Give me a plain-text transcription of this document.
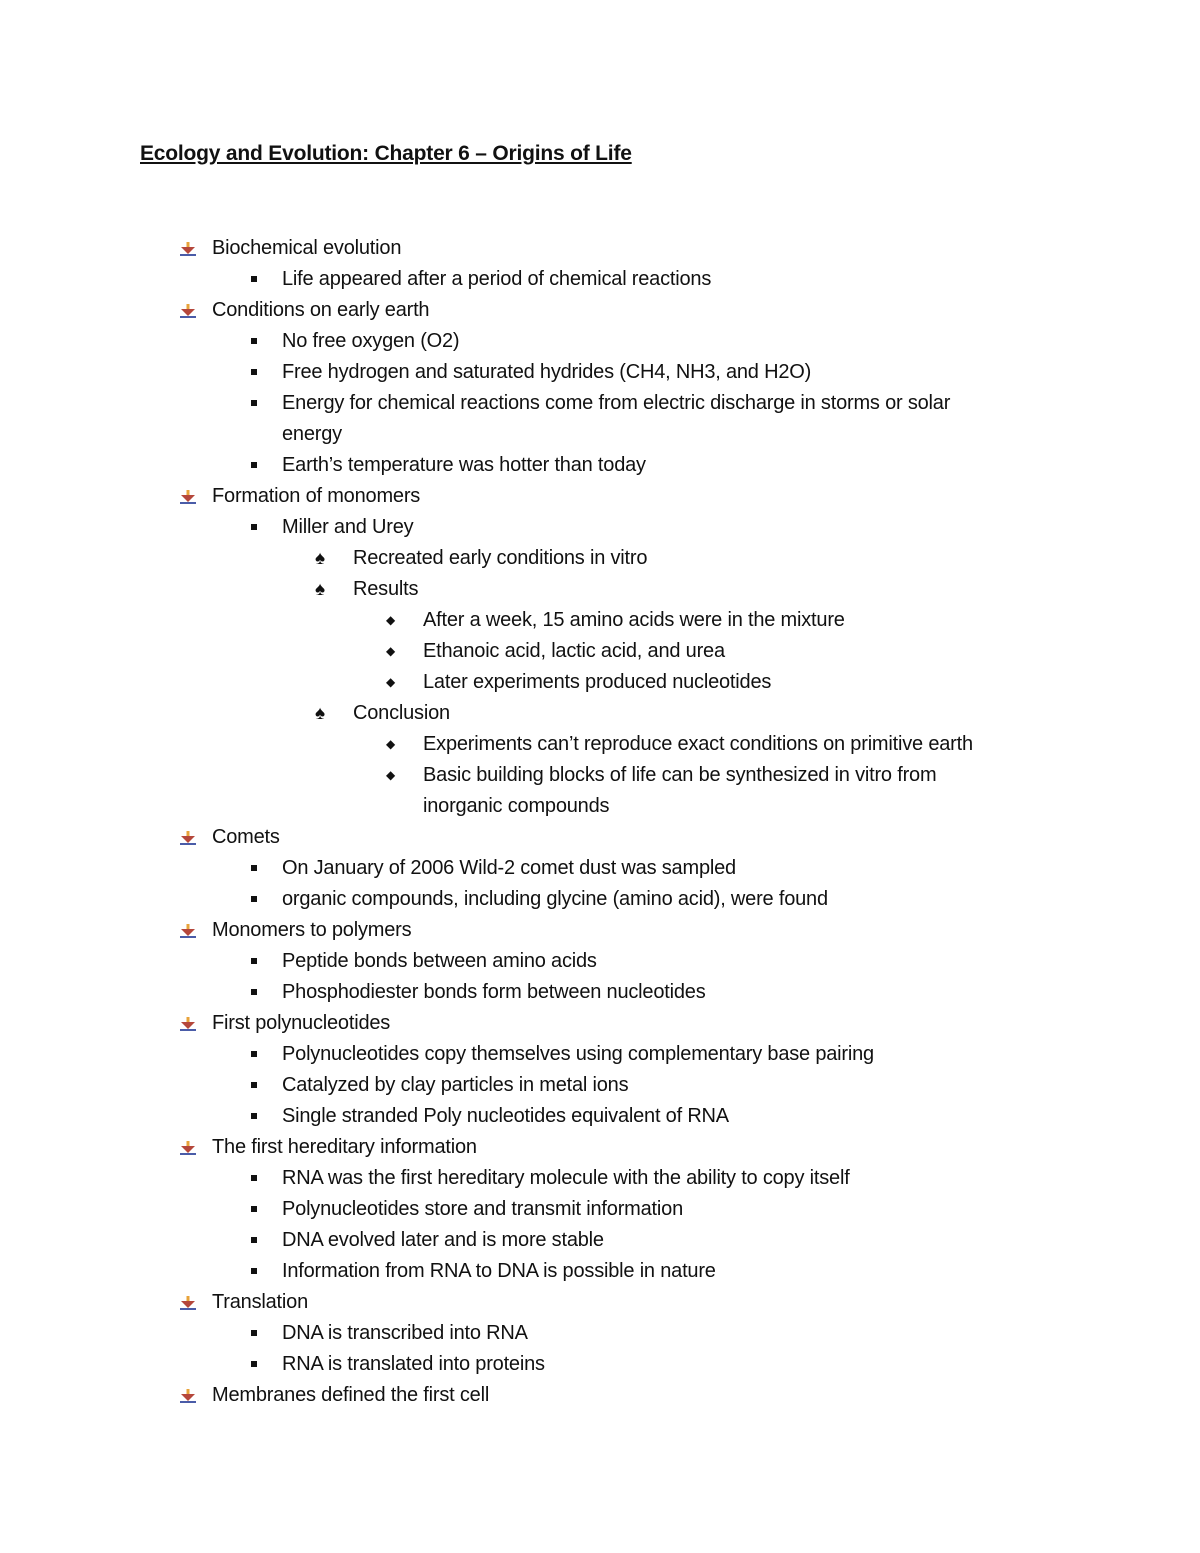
Ecology and Evolution: Chapter 6 – Origins of Life
Biochemical evolution
Life appeared after a period of chemical reactions
Conditions on early earth
No free oxygen (O2)
Free hydrogen and saturated hydrides (CH4, NH3, and H2O)
Energy for chemical reactions come from electric discharge in storms or solar
energy
Earth’s temperature was hotter than today
Formation of monomers
Miller and Urey
♠	Recreated early conditions in vitro
♠	Results
◆	After a week, 15 amino acids were in the mixture
◆	Ethanoic acid, lactic acid, and urea
◆	Later experiments produced nucleotides
♠	Conclusion
◆	Experiments can’t reproduce exact conditions on primitive earth
◆	Basic building blocks of life can be synthesized in vitro from
inorganic compounds
Comets
On January of 2006 Wild-2 comet dust was sampled
organic compounds, including glycine (amino acid), were found
Monomers to polymers
Peptide bonds between amino acids
Phosphodiester bonds form between nucleotides
First polynucleotides
Polynucleotides copy themselves using complementary base pairing
Catalyzed by clay particles in metal ions
Single stranded Poly nucleotides equivalent of RNA
The first hereditary information
RNA was the first hereditary molecule with the ability to copy itself
Polynucleotides store and transmit information
DNA evolved later and is more stable
Information from RNA to DNA is possible in nature
Translation
DNA is transcribed into RNA
RNA is translated into proteins
Membranes defined the first cell
